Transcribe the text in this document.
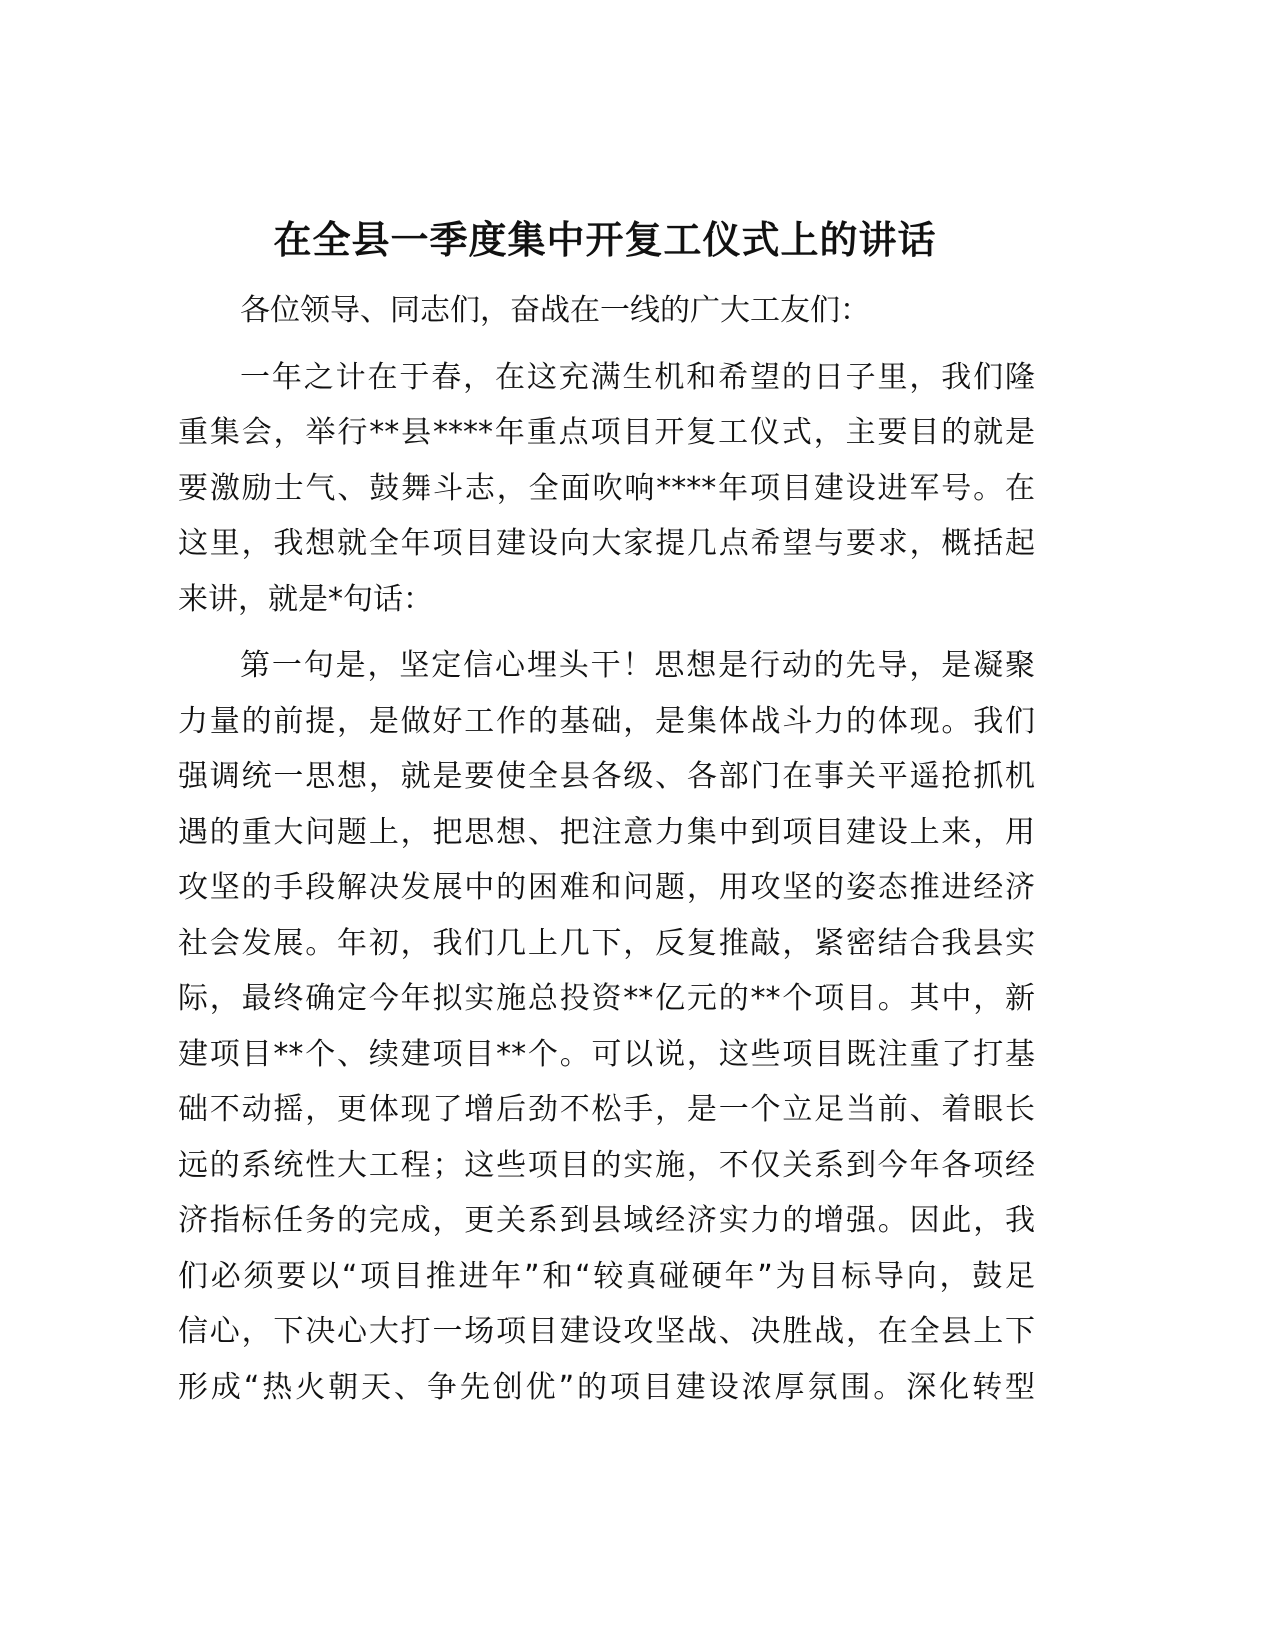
在全县一季度集中开复工仪式上的讲话
各位领导、同志们，奋战在一线的广大工友们：
一年之计在于春，在这充满生机和希望的日子里，我们隆
重集会，举行**县****年重点项目开复工仪式，主要目的就是
要激励士气、鼓舞斗志，全面吹响****年项目建设进军号。在
这里，我想就全年项目建设向大家提几点希望与要求，概括起
来讲，就是*句话：
第一句是，坚定信心埋头干！思想是行动的先导，是凝聚
力量的前提，是做好工作的基础，是集体战斗力的体现。我们
强调统一思想，就是要使全县各级、各部门在事关平遥抢抓机
遇的重大问题上，把思想、把注意力集中到项目建设上来，用
攻坚的手段解决发展中的困难和问题，用攻坚的姿态推进经济
社会发展。年初，我们几上几下，反复推敲，紧密结合我县实
际，最终确定今年拟实施总投资**亿元的**个项目。其中，新
建项目**个、续建项目**个。可以说，这些项目既注重了打基
础不动摇，更体现了增后劲不松手，是一个立足当前、着眼长
远的系统性大工程；这些项目的实施，不仅关系到今年各项经
济指标任务的完成，更关系到县域经济实力的增强。因此，我
们必须要以“项目推进年”和“较真碰硬年”为目标导向，鼓足
信心，下决心大打一场项目建设攻坚战、决胜战，在全县上下
形成“热火朝天、争先创优”的项目建设浓厚氛围。深化转型
